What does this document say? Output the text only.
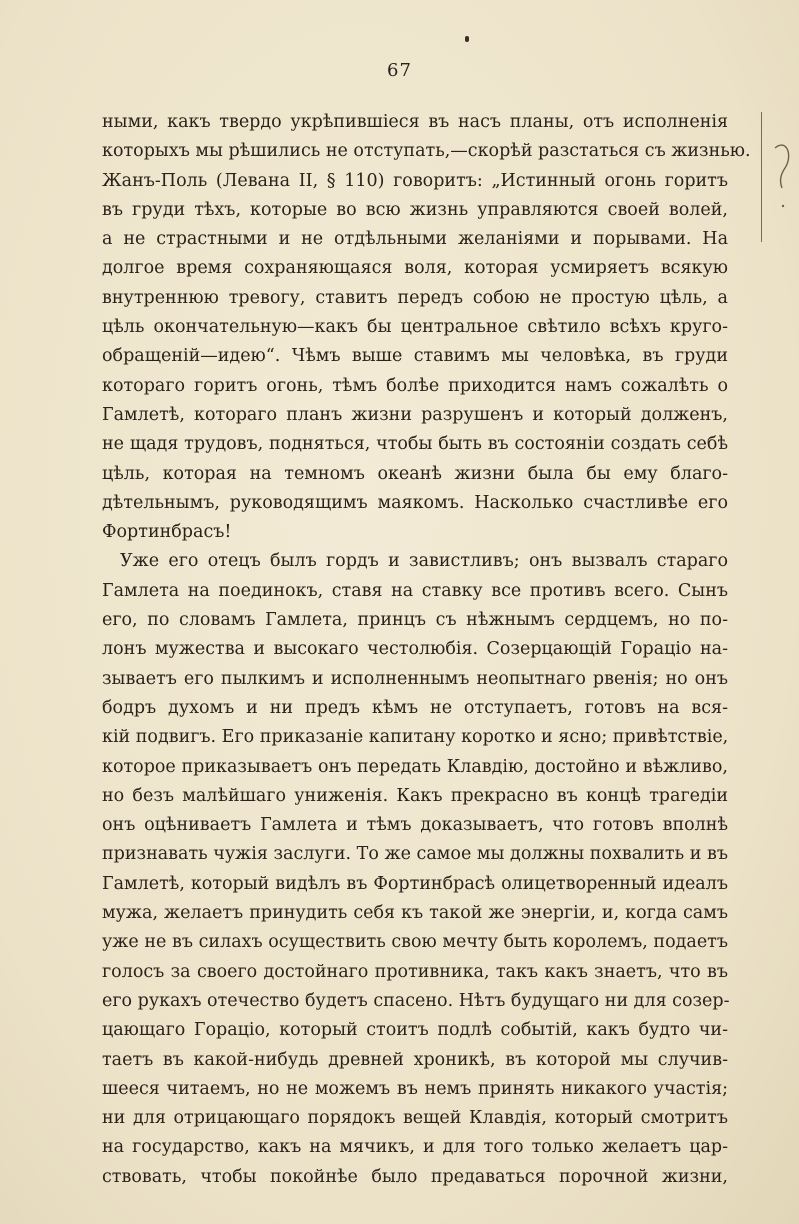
67
ными, какъ твердо укрѣпившіеся въ насъ планы, отъ исполненія
которыхъ мы рѣшились не отступать,—скорѣй разстаться съ жизнью.
Жанъ-Поль (Левана II, § 110) говоритъ: „Истинный огонь горитъ
въ груди тѣхъ, которые во всю жизнь управляются своей волей,
а не страстными и не отдѣльными желаніями и порывами. На
долгое время сохраняющаяся воля, которая усмиряетъ всякую
внутреннюю тревогу, ставитъ передъ собою не простую цѣль, а
цѣль окончательную—какъ бы центральное свѣтило всѣхъ круго-
обращеній—идею“. Чѣмъ выше ставимъ мы человѣка, въ груди
котораго горитъ огонь, тѣмъ болѣе приходится намъ сожалѣть о
Гамлетѣ, котораго планъ жизни разрушенъ и который долженъ,
не щадя трудовъ, подняться, чтобы быть въ состояніи создать себѣ
цѣль, которая на темномъ океанѣ жизни была бы ему благо-
дѣтельнымъ, руководящимъ маякомъ. Насколько счастливѣе его
Фортинбрасъ!
Уже его отецъ былъ гордъ и завистливъ; онъ вызвалъ стараго
Гамлета на поединокъ, ставя на ставку все противъ всего. Сынъ
его, по словамъ Гамлета, принцъ съ нѣжнымъ сердцемъ, но по-
лонъ мужества и высокаго честолюбія. Созерцающій Гораціо на-
зываетъ его пылкимъ и исполненнымъ неопытнаго рвенія; но онъ
бодръ духомъ и ни предъ кѣмъ не отступаетъ, готовъ на вся-
кій подвигъ. Его приказаніе капитану коротко и ясно; привѣтствіе,
которое приказываетъ онъ передать Клавдію, достойно и вѣжливо,
но безъ малѣйшаго униженія. Какъ прекрасно въ концѣ трагедіи
онъ оцѣниваетъ Гамлета и тѣмъ доказываетъ, что готовъ вполнѣ
признавать чужія заслуги. То же самое мы должны похвалить и въ
Гамлетѣ, который видѣлъ въ Фортинбрасѣ олицетворенный идеалъ
мужа, желаетъ принудить себя къ такой же энергіи, и, когда самъ
уже не въ силахъ осуществить свою мечту быть королемъ, подаетъ
голосъ за своего достойнаго противника, такъ какъ знаетъ, что въ
его рукахъ отечество будетъ спасено. Нѣтъ будущаго ни для созер-
цающаго Гораціо, который стоитъ подлѣ событій, какъ будто чи-
таетъ въ какой-нибудь древней хроникѣ, въ которой мы случив-
шееся читаемъ, но не можемъ въ немъ принять никакого участія;
ни для отрицающаго порядокъ вещей Клавдія, который смотритъ
на государство, какъ на мячикъ, и для того только желаетъ цар-
ствовать, чтобы покойнѣе было предаваться порочной жизни,
